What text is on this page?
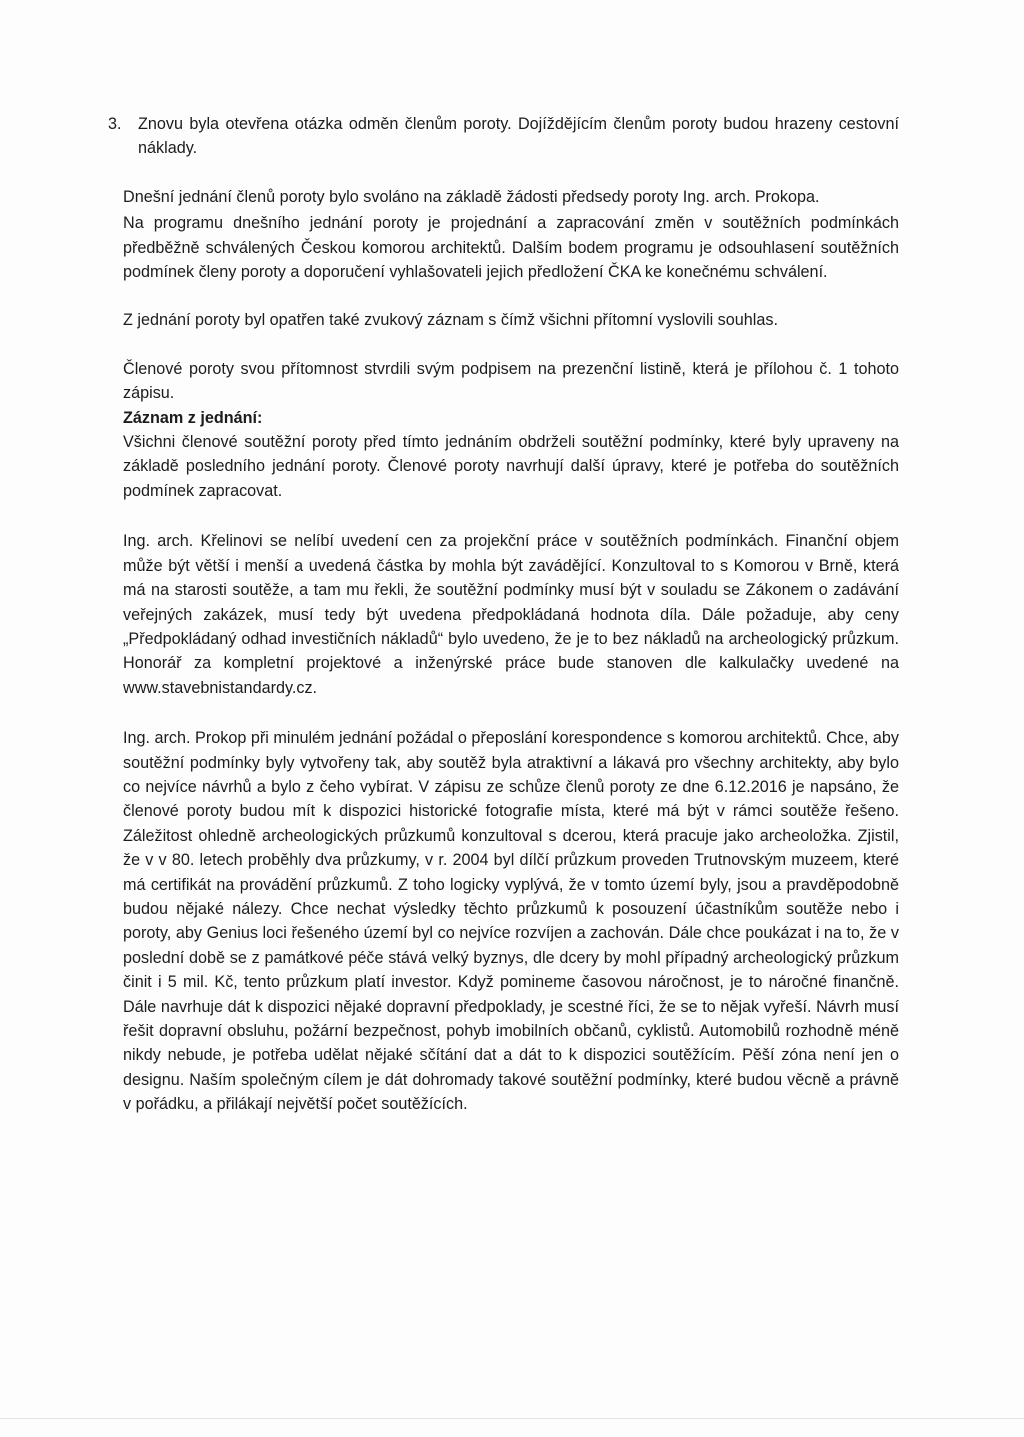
3.	Znovu byla otevřena otázka odměn členům poroty. Dojíždějícím členům poroty budou hrazeny cestovní náklady.

Dnešní jednání členů poroty bylo svoláno na základě žádosti předsedy poroty Ing. arch. Prokopa.

Na programu dnešního jednání poroty je projednání a zapracování změn v soutěžních podmínkách předběžně schválených Českou komorou architektů. Dalším bodem programu je odsouhlasení soutěžních podmínek členy poroty a doporučení vyhlašovateli jejich předložení ČKA ke konečnému schválení.

Z jednání poroty byl opatřen také zvukový záznam s čímž všichni přítomní vyslovili souhlas.

Členové poroty svou přítomnost stvrdili svým podpisem na prezenční listině, která je přílohou č. 1 tohoto zápisu.

Záznam z jednání:

Všichni členové soutěžní poroty před tímto jednáním obdrželi soutěžní podmínky, které byly upraveny na základě posledního jednání poroty. Členové poroty navrhují další úpravy, které je potřeba do soutěžních podmínek zapracovat.

Ing. arch. Křelinovi se nelíbí uvedení cen za projekční práce v soutěžních podmínkách. Finanční objem může být větší i menší a uvedená částka by mohla být zavádějící. Konzultoval to s Komorou v Brně, která má na starosti soutěže, a tam mu řekli, že soutěžní podmínky musí být v souladu se Zákonem o zadávání veřejných zakázek, musí tedy být uvedena předpokládaná hodnota díla. Dále požaduje, aby ceny „Předpokládaný odhad investičních nákladů“ bylo uvedeno, že je to bez nákladů na archeologický průzkum. Honorář za kompletní projektové a inženýrské práce bude stanoven dle kalkulačky uvedené na www.stavebnistandardy.cz.

Ing. arch. Prokop při minulém jednání požádal o přeposlání korespondence s komorou architektů. Chce, aby soutěžní podmínky byly vytvořeny tak, aby soutěž byla atraktivní a lákavá pro všechny architekty, aby bylo co nejvíce návrhů a bylo z čeho vybírat. V zápisu ze schůze členů poroty ze dne 6.12.2016 je napsáno, že členové poroty budou mít k dispozici historické fotografie místa, které má být v rámci soutěže řešeno. Záležitost ohledně archeologických průzkumů konzultoval s dcerou, která pracuje jako archeoložka. Zjistil, že v v 80. letech proběhly dva průzkumy, v r. 2004 byl dílčí průzkum proveden Trutnovským muzeem, které má certifikát na provádění průzkumů. Z toho logicky vyplývá, že v tomto území byly, jsou a pravděpodobně budou nějaké nálezy. Chce nechat výsledky těchto průzkumů k posouzení účastníkům soutěže nebo i poroty, aby Genius loci řešeného území byl co nejvíce rozvíjen a zachován. Dále chce poukázat i na to, že v poslední době se z památkové péče stává velký byznys, dle dcery by mohl případný archeologický průzkum činit i 5 mil. Kč, tento průzkum platí investor. Když pomineme časovou náročnost, je to náročné finančně. Dále navrhuje dát k dispozici nějaké dopravní předpoklady, je scestné říci, že se to nějak vyřeší. Návrh musí řešit dopravní obsluhu, požární bezpečnost, pohyb imobilních občanů, cyklistů. Automobilů rozhodně méně nikdy nebude, je potřeba udělat nějaké sčítání dat a dát to k dispozici soutěžícím. Pěší zóna není jen o designu. Naším společným cílem je dát dohromady takové soutěžní podmínky, které budou věcně a právně v pořádku, a přilákají největší počet soutěžících.
